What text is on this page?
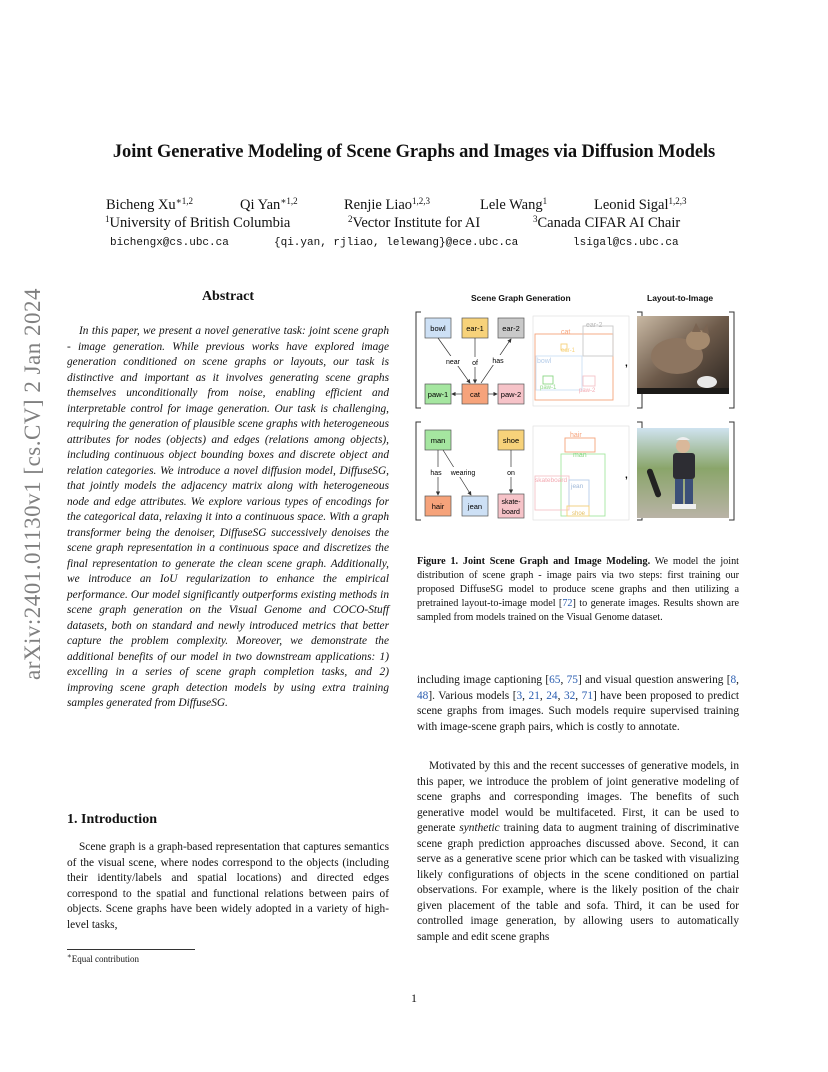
Joint Generative Modeling of Scene Graphs and Images via Diffusion Models
Bicheng $Xu^{∗1,2}$	Qi Yan$^{∗1,2}$	Renjie Liao$^{1,2,3}$	Lele Wang$^1$	Leonid Sigal$^{1,2,3}$
$^1$University of British Columbia	$^2$Vector Institute for AI	$^3$Canada CIFAR AI Chair
bichengx@cs.ubc.ca	{qi.yan, rjliao, lelewang}@ece.ubc.ca	lsigal@cs.ubc.ca
arXiv:2401.01130v1 [cs.CV] 2 Jan 2024	Abstract

In this paper, we present a novel generative task: joint scene graph - image generation. While previous works have explored image generation conditioned on scene graphs or layouts, our task is distinctive and important as it involves generating scene graphs themselves unconditionally from noise, enabling efficient and interpretable control for image generation. Our task is challenging, requiring the generation of plausible scene graphs with heterogeneous attributes for nodes (objects) and edges (relations among objects), including continuous object bounding boxes and discrete object and relation categories. We introduce a novel diffusion model, DiffuseSG, that jointly models the adjacency matrix along with heterogeneous node and edge attributes. We explore various types of encodings for the categorical data, relaxing it into a continuous space. With a graph transformer being the denoiser, DiffuseSG successively denoises the scene graph representation in a continuous space and discretizes the final representation to generate the clean scene graph. Additionally, we introduce an IoU regularization to enhance the empirical performance. Our model significantly outperforms existing methods in scene graph generation on the Visual Genome and COCO-Stuff datasets, both on standard and newly introduced metrics that better capture the problem complexity. Moreover, we demonstrate the additional benefits of our model in two downstream applications: 1) excelling in a series of scene graph completion tasks, and 2) improving scene graph detection models by using extra training samples generated from DiffuseSG.

1. Introduction

Scene graph is a graph-based representation that captures semantics of the visual scene, where nodes correspond to the objects (including their identity/labels and spatial locations) and directed edges correspond to the spatial and functional relations between pairs of objects. Scene graphs have been widely adopted in a variety of high-level tasks,

∗Equal contribution
Scene Graph Generation	Layout-to-Image
bowl	ear-1 ear-2
paw-1	cat	paw-2
near of has
cat
ear-2
ear-1
bowl
paw-1	paw-2
,
man	shoe
hair	jean	skate-
board
has wearing	on
hair
man
skateboard
jean
shoe
,

Figure 1. Joint Scene Graph and Image Modeling. We model the joint distribution of scene graph - image pairs via two steps: first training our proposed DiffuseSG model to produce scene graphs and then utilizing a pretrained layout-to-image model [72] to generate images. Results shown are sampled from models trained on the Visual Genome dataset.

including image captioning [65, 75] and visual question answering [8, 48]. Various models [3, 21, 24, 32, 71] have been proposed to predict scene graphs from images. Such models require supervised training with image-scene graph pairs, which is costly to annotate.

Motivated by this and the recent successes of generative models, in this paper, we introduce the problem of joint generative modeling of scene graphs and corresponding images. The benefits of such generative model would be multifaceted. First, it can be used to generate synthetic training data to augment training of discriminative scene graph prediction approaches discussed above. Second, it can serve as a generative scene prior which can be tasked with visualizing likely configurations of objects in the scene conditioned on partial observations. For example, where is the likely position of the chair given placement of the table and sofa. Third, it can be used for controlled image generation, by allowing users to automatically sample and edit scene graphs

1
